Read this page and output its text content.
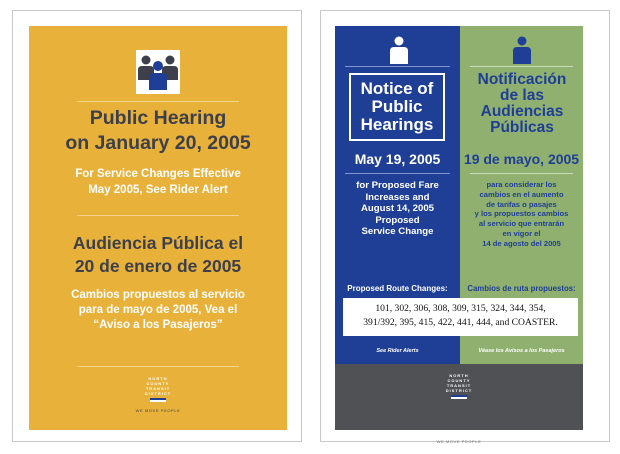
Public Hearing
on January 20, 2005
For Service Changes Effective
May 2005, See Rider Alert
Audiencia Pública el
20 de enero de 2005
Cambios propuestos al servicio
para de mayo de 2005, Vea el
“Aviso a los Pasajeros”
NORTH
COUNTY
TRANSIT
DISTRICT
WE MOVE PEOPLE
Notice of
Public
Hearings
Notificación
de las
Audiencias
Públicas
May 19, 2005	19 de mayo, 2005
for Proposed Fare
Increases and
August 14, 2005
Proposed
Service Change
para considerar los
cambios en el aumento
de tarifas o pasajes
y los propuestos cambios
al servicio que entrarán
en vigor el
14 de agosto del 2005
Proposed Route Changes:	Cambios de ruta propuestos:
101, 302, 306, 308, 309, 315, 324, 344, 354,
391/392, 395, 415, 422, 441, 444, and COASTER.
See Rider Alerts	Véase los Avisos a los Pasajeros
NORTH
COUNTY
TRANSIT
DISTRICT
WE MOVE PEOPLE
